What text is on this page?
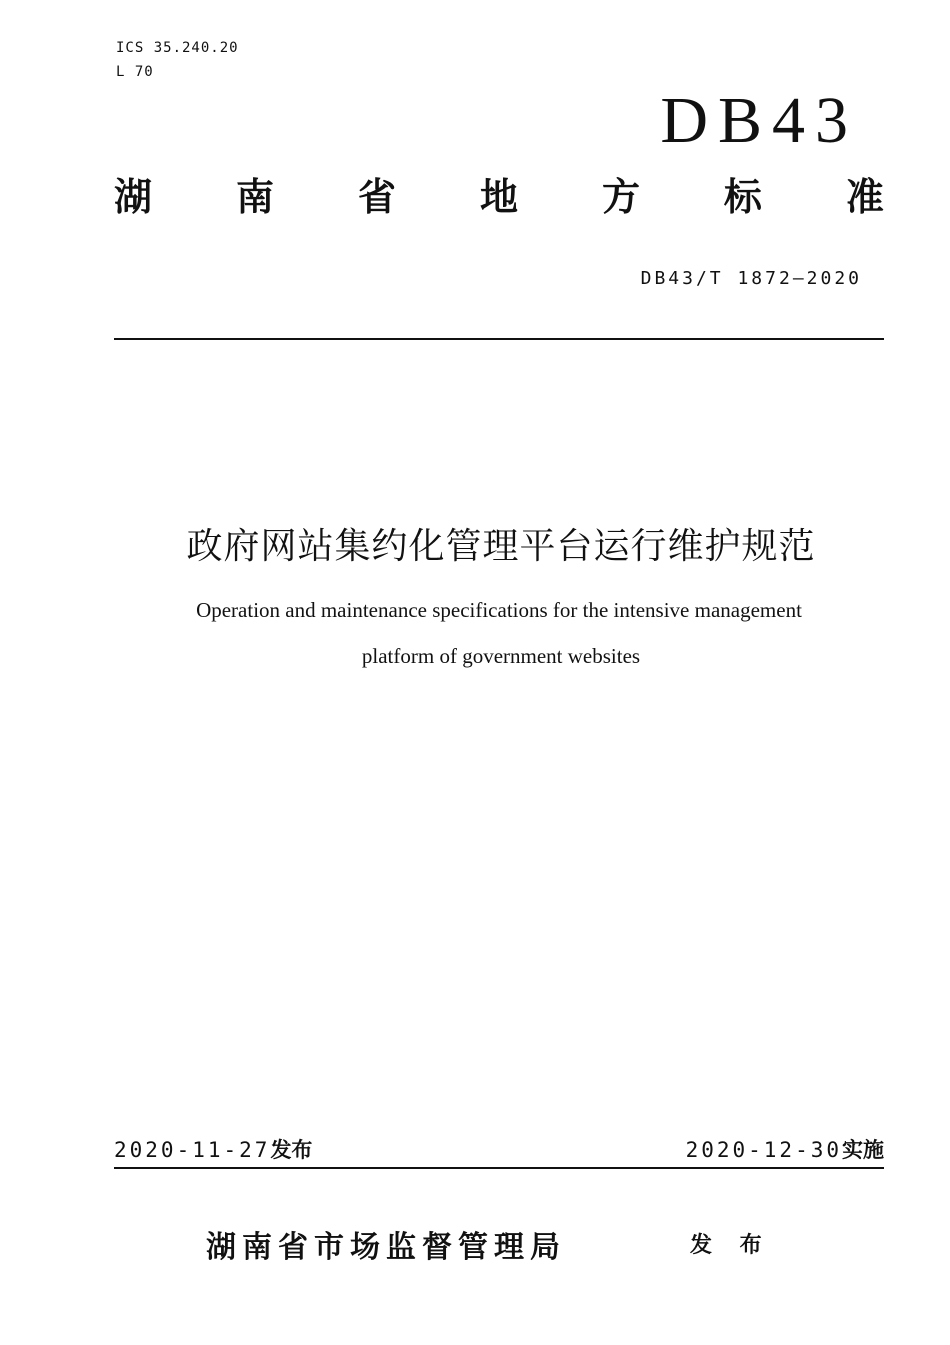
ICS 35.240.20
L 70
DB43
湖 南 省 地 方 标 准
DB43/T 1872—2020
政府网站集约化管理平台运行维护规范
Operation and maintenance specifications for the intensive management
platform of government websites
2020-11-27发布	2020-12-30实施
湖南省市场监督管理局	发 布
